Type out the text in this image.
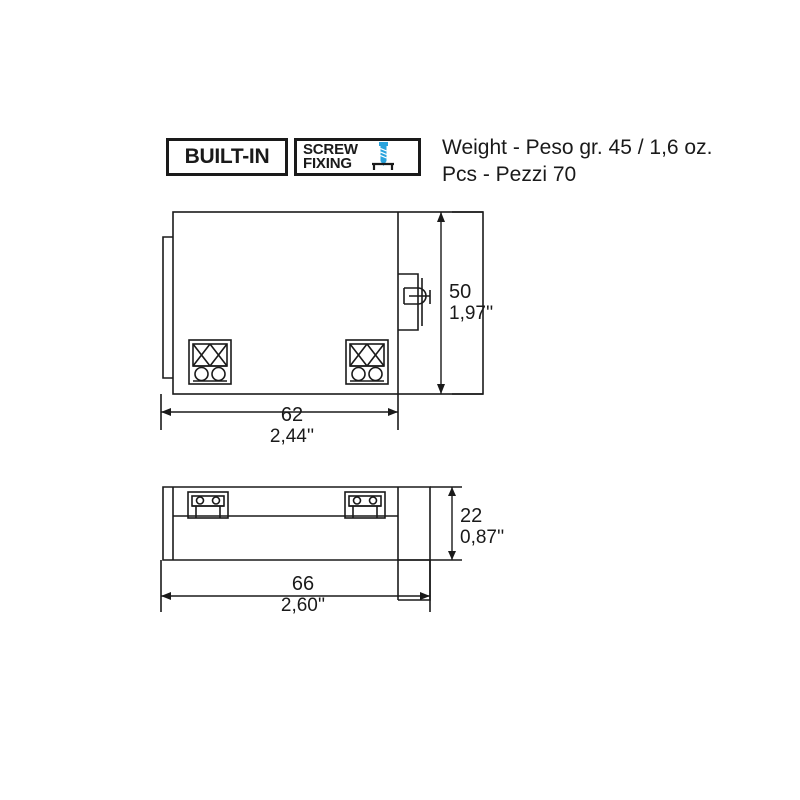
BUILT-IN SCREW
FIXING
Weight - Peso gr. 45 / 1,6 oz.
Pcs - Pezzi 70
50
1,97''
62
2,44''
22
0,87''
66
2,60''
